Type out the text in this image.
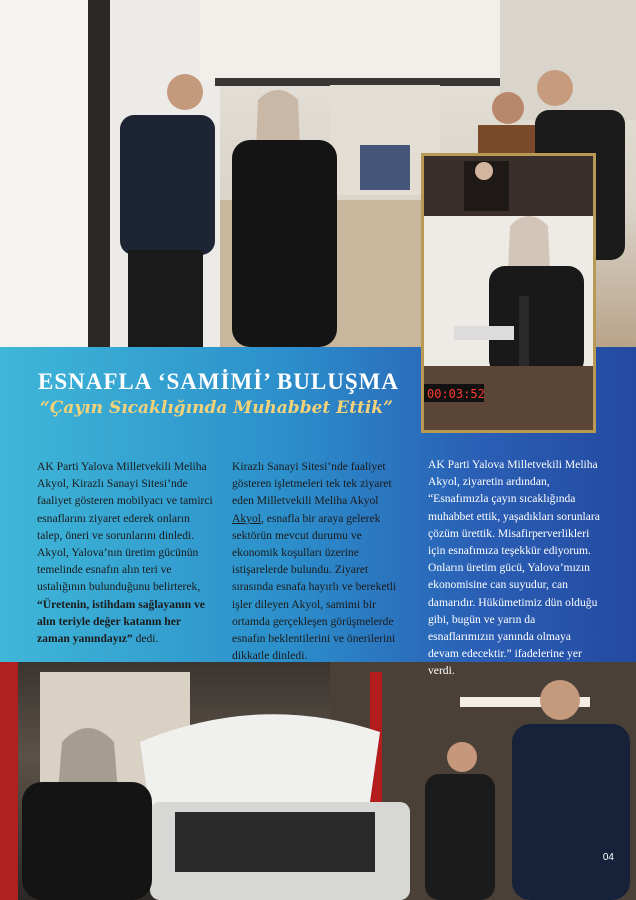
00:03:52
ESNAFLA ‘SAMİMİ’ BULUŞMA
“Çayın Sıcaklığında Muhabbet Ettik”

AK Parti Yalova Milletvekili Meliha Akyol, Kirazlı Sanayi Sitesi’nde faaliyet gösteren mobilyacı ve tamirci esnaflarını ziyaret ederek onların talep, öneri ve sorunlarını dinledi. Akyol, Yalova’nın üretim gücünün temelinde esnafın alın teri ve ustalığının bulunduğunu belirterek, “Üretenin, istihdam sağlayanın ve alın teriyle değer katanın her zaman yanındayız” dedi.

Kirazlı Sanayi Sitesi’nde faaliyet gösteren işletmeleri tek tek ziyaret eden Milletvekili Meliha Akyol Akyol, esnafla bir araya gelerek sektörün mevcut durumu ve ekonomik koşulları üzerine istişarelerde bulundu. Ziyaret sırasında esnafa hayırlı ve bereketli işler dileyen Akyol, samimi bir ortamda gerçekleşen görüşmelerde esnafın beklentilerini ve önerilerini dikkatle dinledi.

AK Parti Yalova Milletvekili Meliha Akyol, ziyaretin ardından, “Esnafımızla çayın sıcaklığında muhabbet ettik, yaşadıkları sorunlara çözüm ürettik. Misafirperverlikleri için esnafımıza teşekkür ediyorum. Onların üretim gücü, Yalova’mızın ekonomisine can suyudur, can damarıdır. Hükümetimiz dün olduğu gibi, bugün ve yarın da esnaflarımızın yanında olmaya devam edecektir.” ifadelerine yer verdi.

04
